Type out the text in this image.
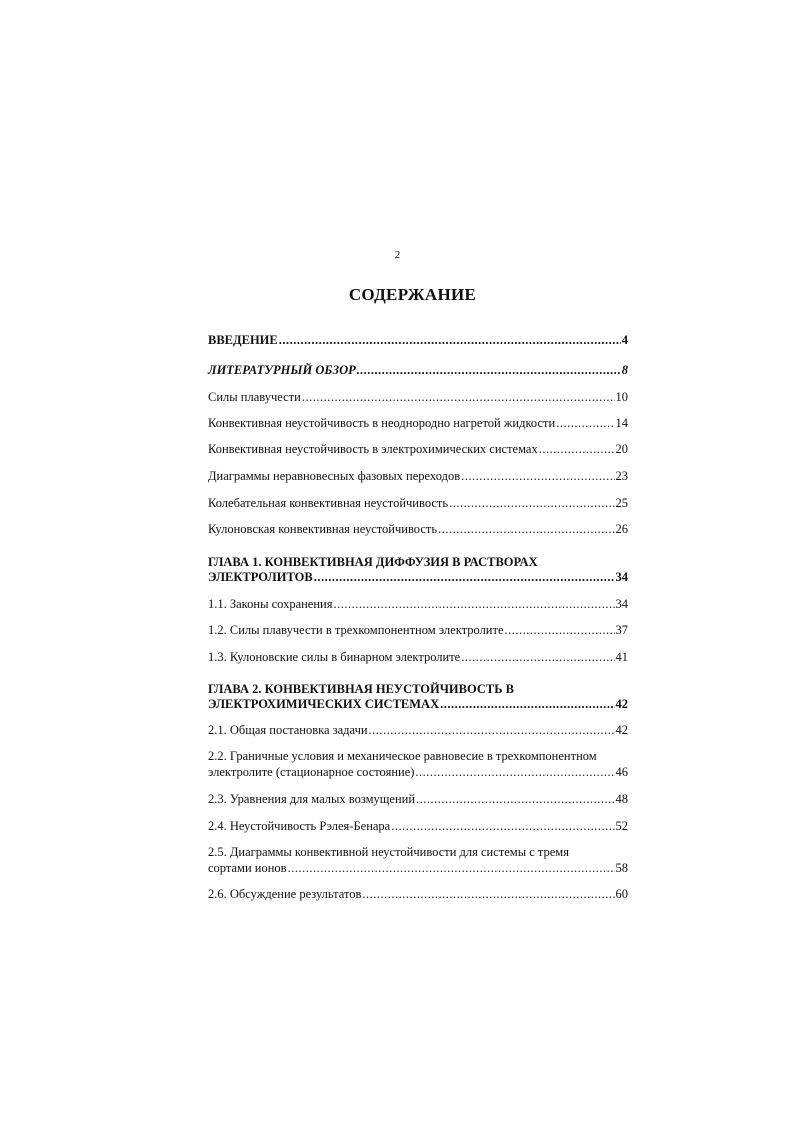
2
СОДЕРЖАНИЕ
ВВЕДЕНИЕ .....	4
ЛИТЕРАТУРНЫЙ ОБЗОР .....	8
Силы плавучести .....	10
Конвективная неустойчивость в неоднородно нагретой жидкости .....	14
Конвективная неустойчивость в электрохимических системах .....	20
Диаграммы неравновесных фазовых переходов .....	23
Колебательная конвективная неустойчивость .....	25
Кулоновская конвективная неустойчивость .....	26
ГЛАВА 1. КОНВЕКТИВНАЯ ДИФФУЗИЯ В РАСТВОРАХ
ЭЛЕКТРОЛИТОВ .....	34
1.1. Законы сохранения .....	34
1.2. Силы плавучести в трехкомпонентном электролите .....	37
1.3. Кулоновские силы в бинарном электролите .....	41
ГЛАВА 2. КОНВЕКТИВНАЯ НЕУСТОЙЧИВОСТЬ В
ЭЛЕКТРОХИМИЧЕСКИХ СИСТЕМАХ .....	42
2.1. Общая постановка задачи .....	42
2.2. Граничные условия и механическое равновесие в трехкомпонентном
электролите (стационарное состояние) .....	46
2.3. Уравнения для малых возмущений .....	48
2.4. Неустойчивость Рэлея-Бенара .....	52
2.5. Диаграммы конвективной неустойчивости для системы с тремя
сортами ионов .....	58
2.6. Обсуждение результатов .....	60
